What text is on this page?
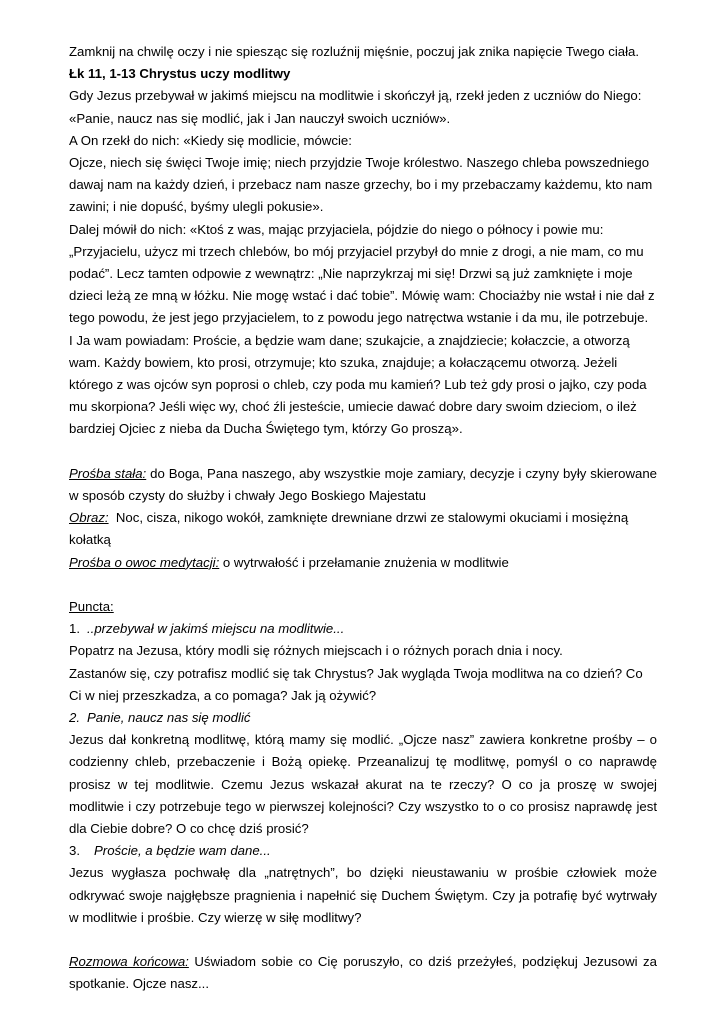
Zamknij na chwilę oczy i nie spiesząc się rozluźnij mięśnie, poczuj jak znika napięcie Twego ciała.

Łk 11, 1-13 Chrystus uczy modlitwy

Gdy Jezus przebywał w jakimś miejscu na modlitwie i skończył ją, rzekł jeden z uczniów do Niego:

«Panie, naucz nas się modlić, jak i Jan nauczył swoich uczniów».

A On rzekł do nich: «Kiedy się modlicie, mówcie:

Ojcze, niech się święci Twoje imię; niech przyjdzie Twoje królestwo. Naszego chleba powszedniego dawaj nam na każdy dzień, i przebacz nam nasze grzechy, bo i my przebaczamy każdemu, kto nam zawini; i nie dopuść, byśmy ulegli pokusie».

Dalej mówił do nich: «Ktoś z was, mając przyjaciela, pójdzie do niego o północy i powie mu: „Przyjacielu, użycz mi trzech chlebów, bo mój przyjaciel przybył do mnie z drogi, a nie mam, co mu podać”. Lecz tamten odpowie z wewnątrz: „Nie naprzykrzaj mi się! Drzwi są już zamknięte i moje dzieci leżą ze mną w łóżku. Nie mogę wstać i dać tobie”. Mówię wam: Chociażby nie wstał i nie dał z tego powodu, że jest jego przyjacielem, to z powodu jego natręctwa wstanie i da mu, ile potrzebuje.

I Ja wam powiadam: Proście, a będzie wam dane; szukajcie, a znajdziecie; kołaczcie, a otworzą wam. Każdy bowiem, kto prosi, otrzymuje; kto szuka, znajduje; a kołaczącemu otworzą. Jeżeli którego z was ojców syn poprosi o chleb, czy poda mu kamień? Lub też gdy prosi o jajko, czy poda mu skorpiona? Jeśli więc wy, choć źli jesteście, umiecie dawać dobre dary swoim dzieciom, o ileż bardziej Ojciec z nieba da Ducha Świętego tym, którzy Go proszą».

Prośba stała: do Boga, Pana naszego, aby wszystkie moje zamiary, decyzje i czyny były skierowane w sposób czysty do służby i chwały Jego Boskiego Majestatu

Obraz:  Noc, cisza, nikogo wokół, zamknięte drewniane drzwi ze stalowymi okuciami i mosiężną kołatką

Prośba o owoc medytacji: o wytrwałość i przełamanie znużenia w modlitwie

Puncta:

1. ..przebywał w jakimś miejscu na modlitwie...

Popatrz na Jezusa, który modli się różnych miejscach i o różnych porach dnia i nocy.

Zastanów się, czy potrafisz modlić się tak Chrystus? Jak wygląda Twoja modlitwa na co dzień? Co Ci w niej przeszkadza, a co pomaga? Jak ją ożywić?

2. Panie, naucz nas się modlić

Jezus dał konkretną modlitwę, którą mamy się modlić. „Ojcze nasz” zawiera konkretne prośby – o codzienny chleb, przebaczenie i Bożą opiekę. Przeanalizuj tę modlitwę, pomyśl o co naprawdę prosisz w tej modlitwie. Czemu Jezus wskazał akurat na te rzeczy? O co ja proszę w swojej modlitwie i czy potrzebuje tego w pierwszej kolejności? Czy wszystko to o co prosisz naprawdę jest dla Ciebie dobre? O co chcę dziś prosić?

3. Proście, a będzie wam dane...

Jezus wygłasza pochwałę dla „natrętnych”, bo dzięki nieustawaniu w prośbie człowiek może odkrywać swoje najgłębsze pragnienia i napełnić się Duchem Świętym. Czy ja potrafię być wytrwały w modlitwie i prośbie. Czy wierzę w siłę modlitwy?

Rozmowa końcowa: Uświadom sobie co Cię poruszyło, co dziś przeżyłeś, podziękuj Jezusowi za spotkanie. Ojcze nasz...
